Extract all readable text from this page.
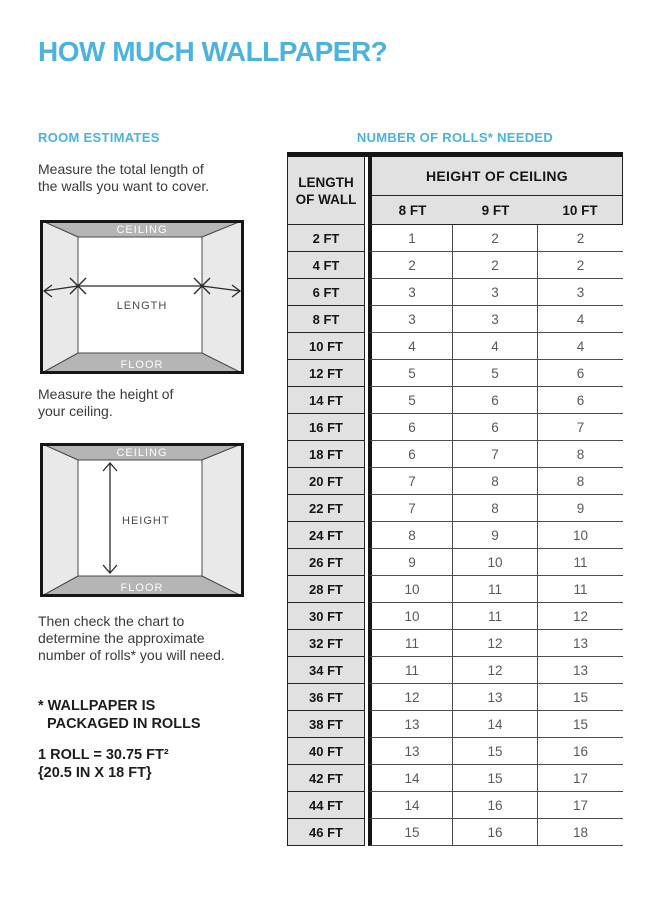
HOW MUCH WALLPAPER?
ROOM ESTIMATES	NUMBER OF ROLLS* NEEDED
Measure the total length of
the walls you want to cover.
CEILING
FLOOR
LENGTH
Measure the height of
your ceiling.
CEILING
FLOOR
HEIGHT
Then check the chart to
determine the approximate
number of rolls* you will need.
* WALLPAPER IS
PACKAGED IN ROLLS
1 ROLL = 30.75 FT²
{20.5 IN X 18 FT}
LENGTH
OF WALL
HEIGHT OF CEILING
8 FT	9 FT	10 FT
2 FT	1	2	2
4 FT	2	2	2
6 FT	3	3	3
8 FT	3	3	4
10 FT	4	4	4
12 FT	5	5	6
14 FT	5	6	6
16 FT	6	6	7
18 FT	6	7	8
20 FT	7	8	8
22 FT	7	8	9
24 FT	8	9	10
26 FT	9	10	11
28 FT	10	11	11
30 FT	10	11	12
32 FT	11	12	13
34 FT	11	12	13
36 FT	12	13	15
38 FT	13	14	15
40 FT	13	15	16
42 FT	14	15	17
44 FT	14	16	17
46 FT	15	16	18
